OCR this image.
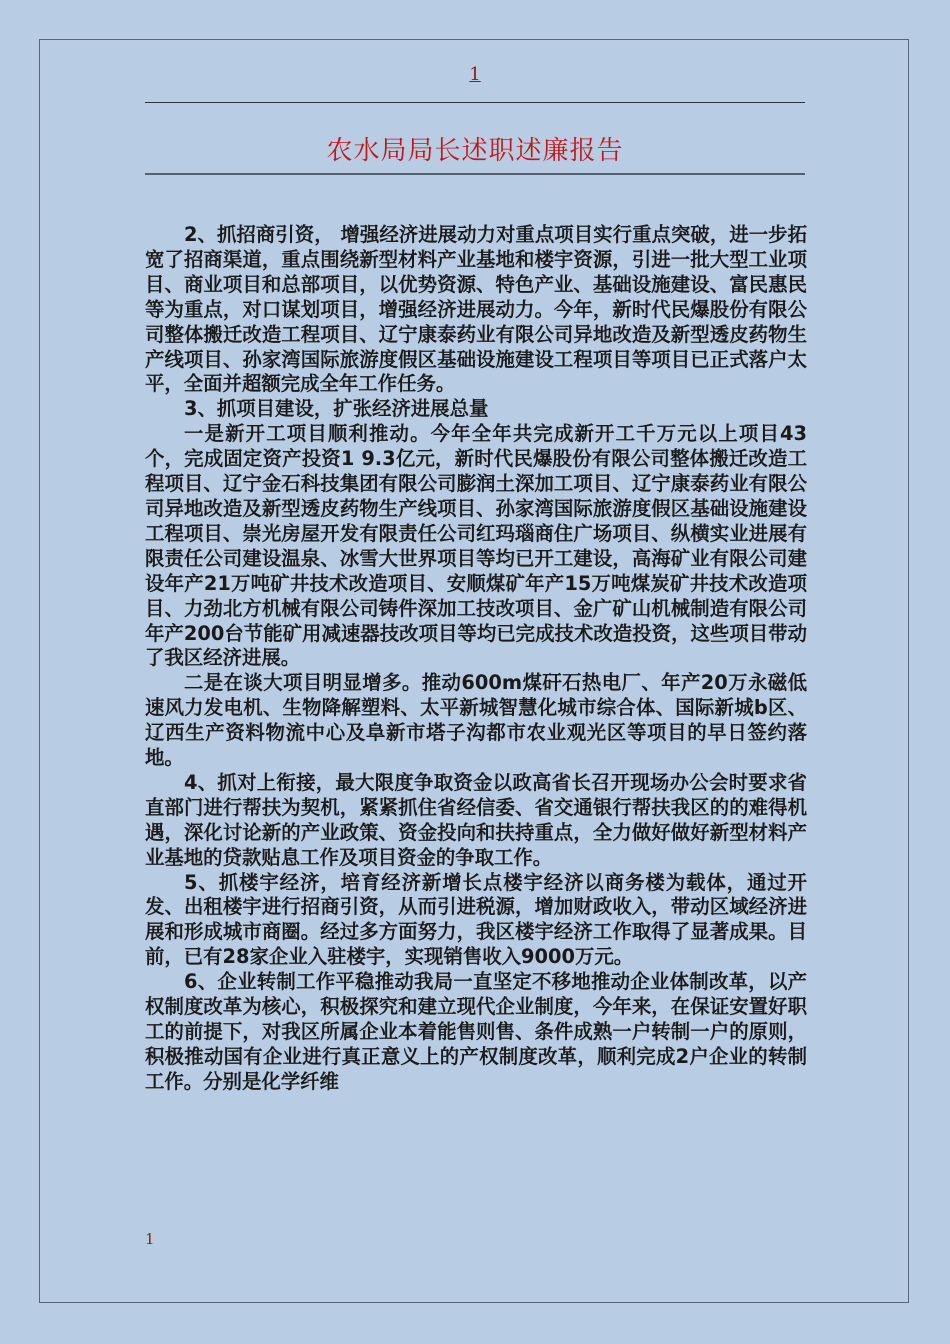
1
农水局局长述职述廉报告

2、抓招商引资， 增强经济进展动力对重点项目实行重点突破，进一步拓宽了招商渠道，重点围绕新型材料产业基地和楼宇资源，引进一批大型工业项目、商业项目和总部项目，以优势资源、特色产业、基础设施建设、富民惠民等为重点，对口谋划项目，增强经济进展动力。今年，新时代民爆股份有限公司整体搬迁改造工程项目、辽宁康泰药业有限公司异地改造及新型透皮药物生产线项目、孙家湾国际旅游度假区基础设施建设工程项目等项目已正式落户太平，全面并超额完成全年工作任务。

3、抓项目建设，扩张经济进展总量

一是新开工项目顺利推动。今年全年共完成新开工千万元以上项目43个，完成固定资产投资1 9.3亿元，新时代民爆股份有限公司整体搬迁改造工程项目、辽宁金石科技集团有限公司膨润土深加工项目、辽宁康泰药业有限公司异地改造及新型透皮药物生产线项目、孙家湾国际旅游度假区基础设施建设工程项目、崇光房屋开发有限责任公司红玛瑙商住广场项目、纵横实业进展有限责任公司建设温泉、冰雪大世界项目等均已开工建设，高海矿业有限公司建设年产21万吨矿井技术改造项目、安顺煤矿年产15万吨煤炭矿井技术改造项目、力劲北方机械有限公司铸件深加工技改项目、金广矿山机械制造有限公司年产200台节能矿用减速器技改项目等均已完成技术改造投资，这些项目带动了我区经济进展。

二是在谈大项目明显增多。推动600m煤矸石热电厂、年产20万永磁低速风力发电机、生物降解塑料、太平新城智慧化城市综合体、国际新城b区、辽西生产资料物流中心及阜新市塔子沟都市农业观光区等项目的早日签约落地。

4、抓对上衔接，最大限度争取资金以政高省长召开现场办公会时要求省直部门进行帮扶为契机，紧紧抓住省经信委、省交通银行帮扶我区的的难得机遇，深化讨论新的产业政策、资金投向和扶持重点，全力做好做好新型材料产业基地的贷款贴息工作及项目资金的争取工作。

5、抓楼宇经济，培育经济新增长点楼宇经济以商务楼为载体，通过开发、出租楼宇进行招商引资，从而引进税源，增加财政收入，带动区域经济进展和形成城市商圈。经过多方面努力，我区楼宇经济工作取得了显著成果。目前，已有28家企业入驻楼宇，实现销售收入9000万元。

6、企业转制工作平稳推动我局一直坚定不移地推动企业体制改革，以产权制度改革为核心，积极探究和建立现代企业制度，今年来，在保证安置好职工的前提下，对我区所属企业本着能售则售、条件成熟一户转制一户的原则，积极推动国有企业进行真正意义上的产权制度改革，顺利完成2户企业的转制工作。分别是化学纤维

1
